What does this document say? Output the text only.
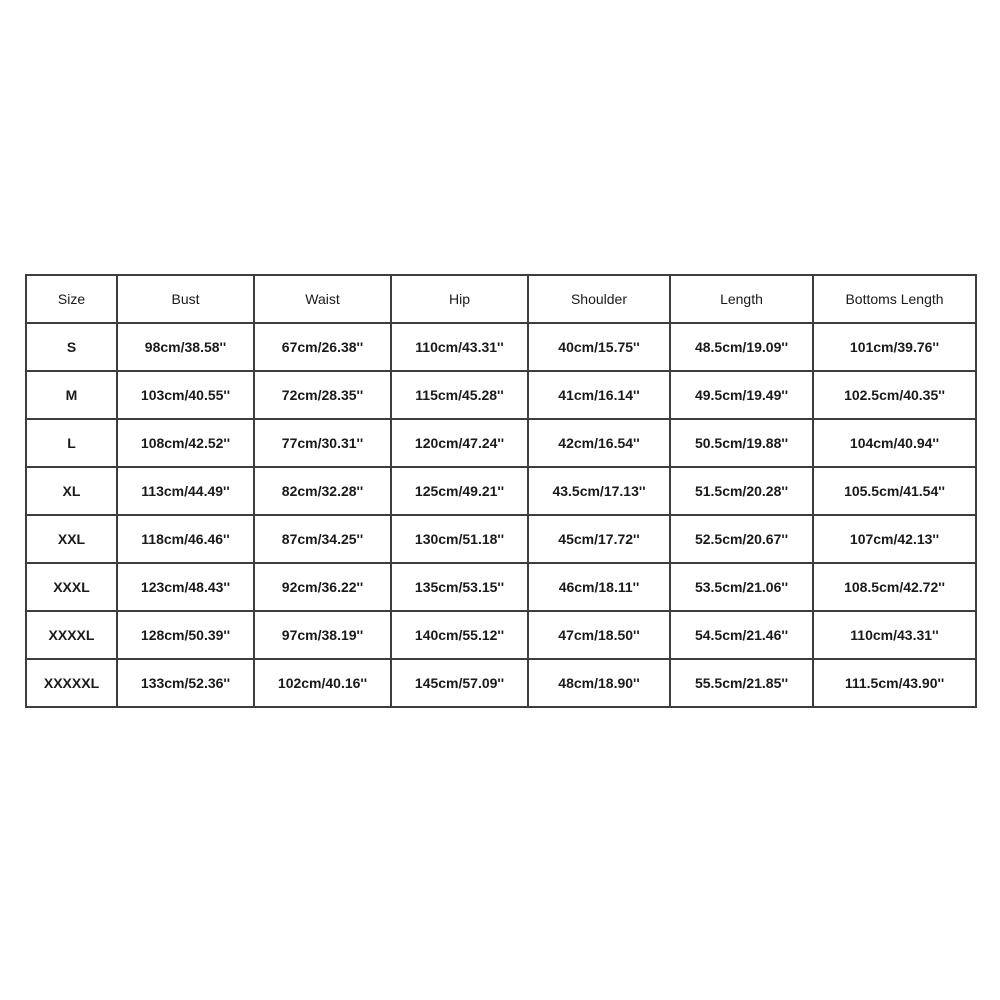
Size	Bust	Waist	Hip	Shoulder	Length	Bottoms Length
S	98cm/38.58''	67cm/26.38''	110cm/43.31''	40cm/15.75''	48.5cm/19.09''	101cm/39.76''
M	103cm/40.55''	72cm/28.35''	115cm/45.28''	41cm/16.14''	49.5cm/19.49''	102.5cm/40.35''
L	108cm/42.52''	77cm/30.31''	120cm/47.24''	42cm/16.54''	50.5cm/19.88''	104cm/40.94''
XL	113cm/44.49''	82cm/32.28''	125cm/49.21''	43.5cm/17.13''	51.5cm/20.28''	105.5cm/41.54''
XXL	118cm/46.46''	87cm/34.25''	130cm/51.18''	45cm/17.72''	52.5cm/20.67''	107cm/42.13''
XXXL	123cm/48.43''	92cm/36.22''	135cm/53.15''	46cm/18.11''	53.5cm/21.06''	108.5cm/42.72''
XXXXL	128cm/50.39''	97cm/38.19''	140cm/55.12''	47cm/18.50''	54.5cm/21.46''	110cm/43.31''
XXXXXL	133cm/52.36''	102cm/40.16''	145cm/57.09''	48cm/18.90''	55.5cm/21.85''	111.5cm/43.90''
